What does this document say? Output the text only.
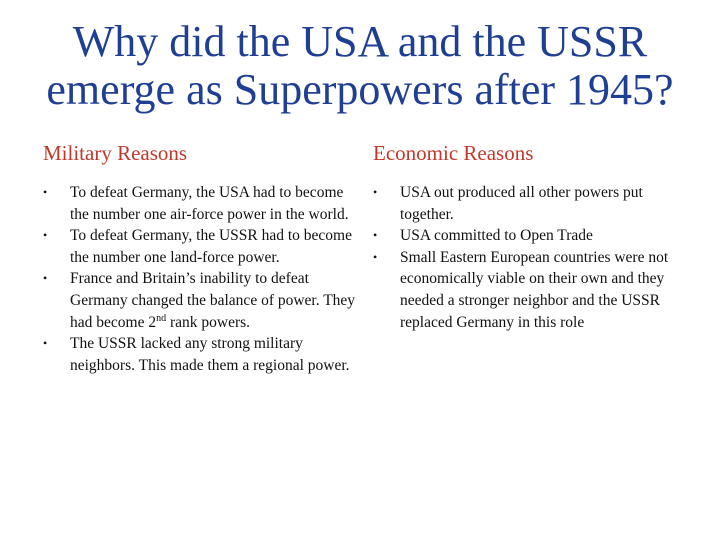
Why did the USA and the USSR emerge as Superpowers after 1945?
Military Reasons
• To defeat Germany, the USA had to become the number one air-force power in the world.
• To defeat Germany, the USSR had to become the number one land-force power.
• France and Britain’s inability to defeat Germany changed the balance of power. They had become 2nd rank powers.
• The USSR lacked any strong military neighbors. This made them a regional power.
Economic Reasons
• USA out produced all other powers put together.
• USA committed to Open Trade
• Small Eastern European countries were not economically viable on their own and they needed a stronger neighbor and the USSR replaced Germany in this role
